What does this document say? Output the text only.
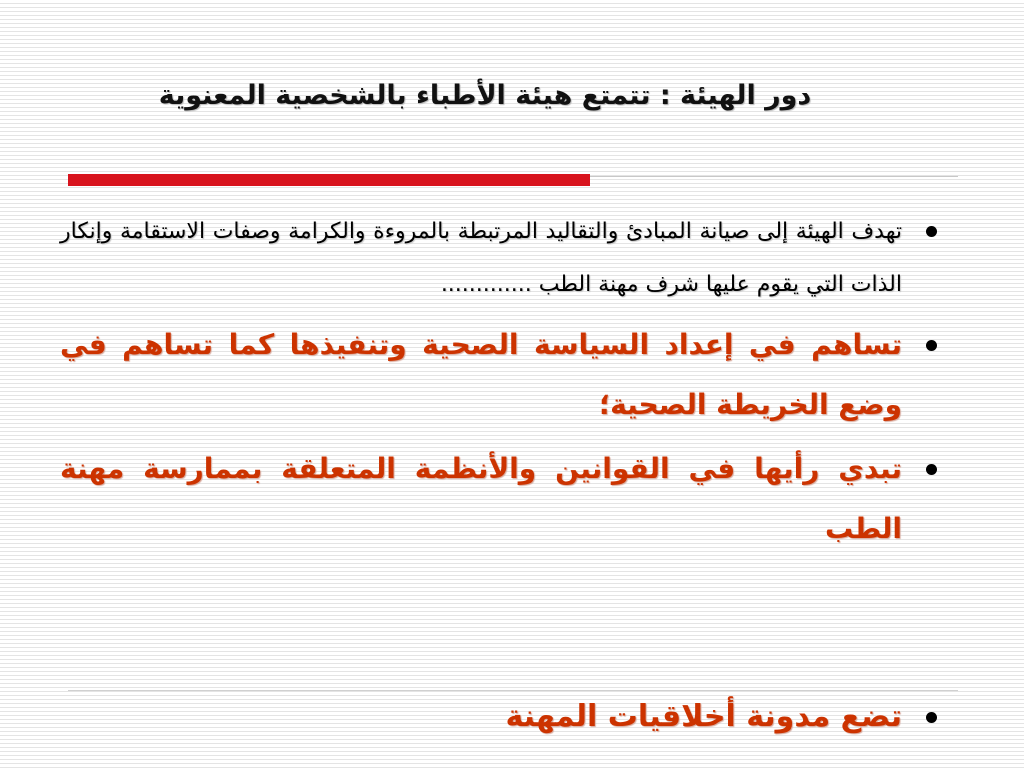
دور الهيئة : تتمتع هيئة الأطباء بالشخصية المعنوية
تهدف الهيئة إلى صيانة المبادئ والتقاليد المرتبطة بالمروءة والكرامة وصفات الاستقامة وإنكار الذات التي يقوم عليها شرف مهنة الطب .............
تساهم في إعداد السياسة الصحية وتنفيذها كما تساهم في وضع الخريطة الصحية؛
تبدي رأيها في القوانين والأنظمة المتعلقة بممارسة مهنة الطب
تضع مدونة أخلاقيات المهنة
